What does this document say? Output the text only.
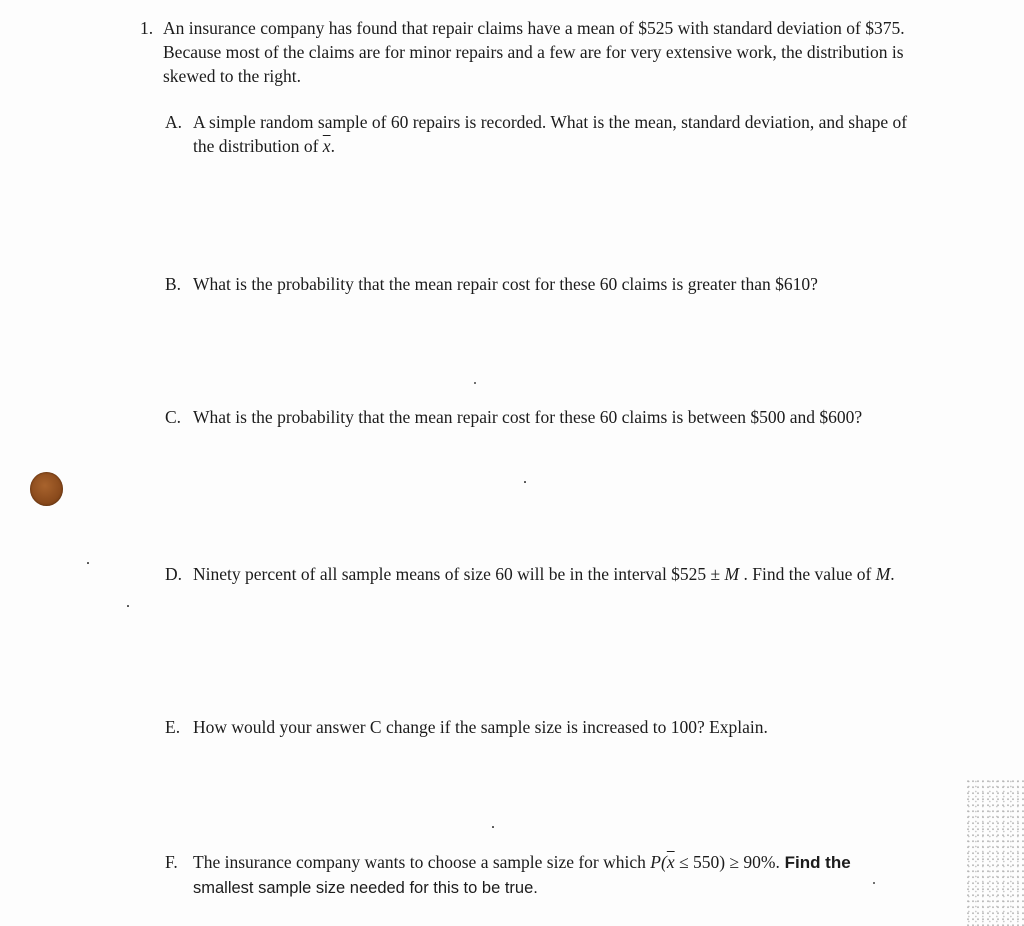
1. An insurance company has found that repair claims have a mean of $525 with standard deviation of $375. Because most of the claims are for minor repairs and a few are for very extensive work, the distribution is skewed to the right.
A. A simple random sample of 60 repairs is recorded. What is the mean, standard deviation, and shape of the distribution of $\overline{x}$.
B. What is the probability that the mean repair cost for these 60 claims is greater than $610?
C. What is the probability that the mean repair cost for these 60 claims is between $500 and $600?
D. Ninety percent of all sample means of size 60 will be in the interval $525 ± M . Find the value of M.
E. How would your answer C change if the sample size is increased to 100? Explain.
F. The insurance company wants to choose a sample size for which $P(\overline{x} \le 550) \ge 90\%$. Find the
smallest sample size needed for this to be true.
